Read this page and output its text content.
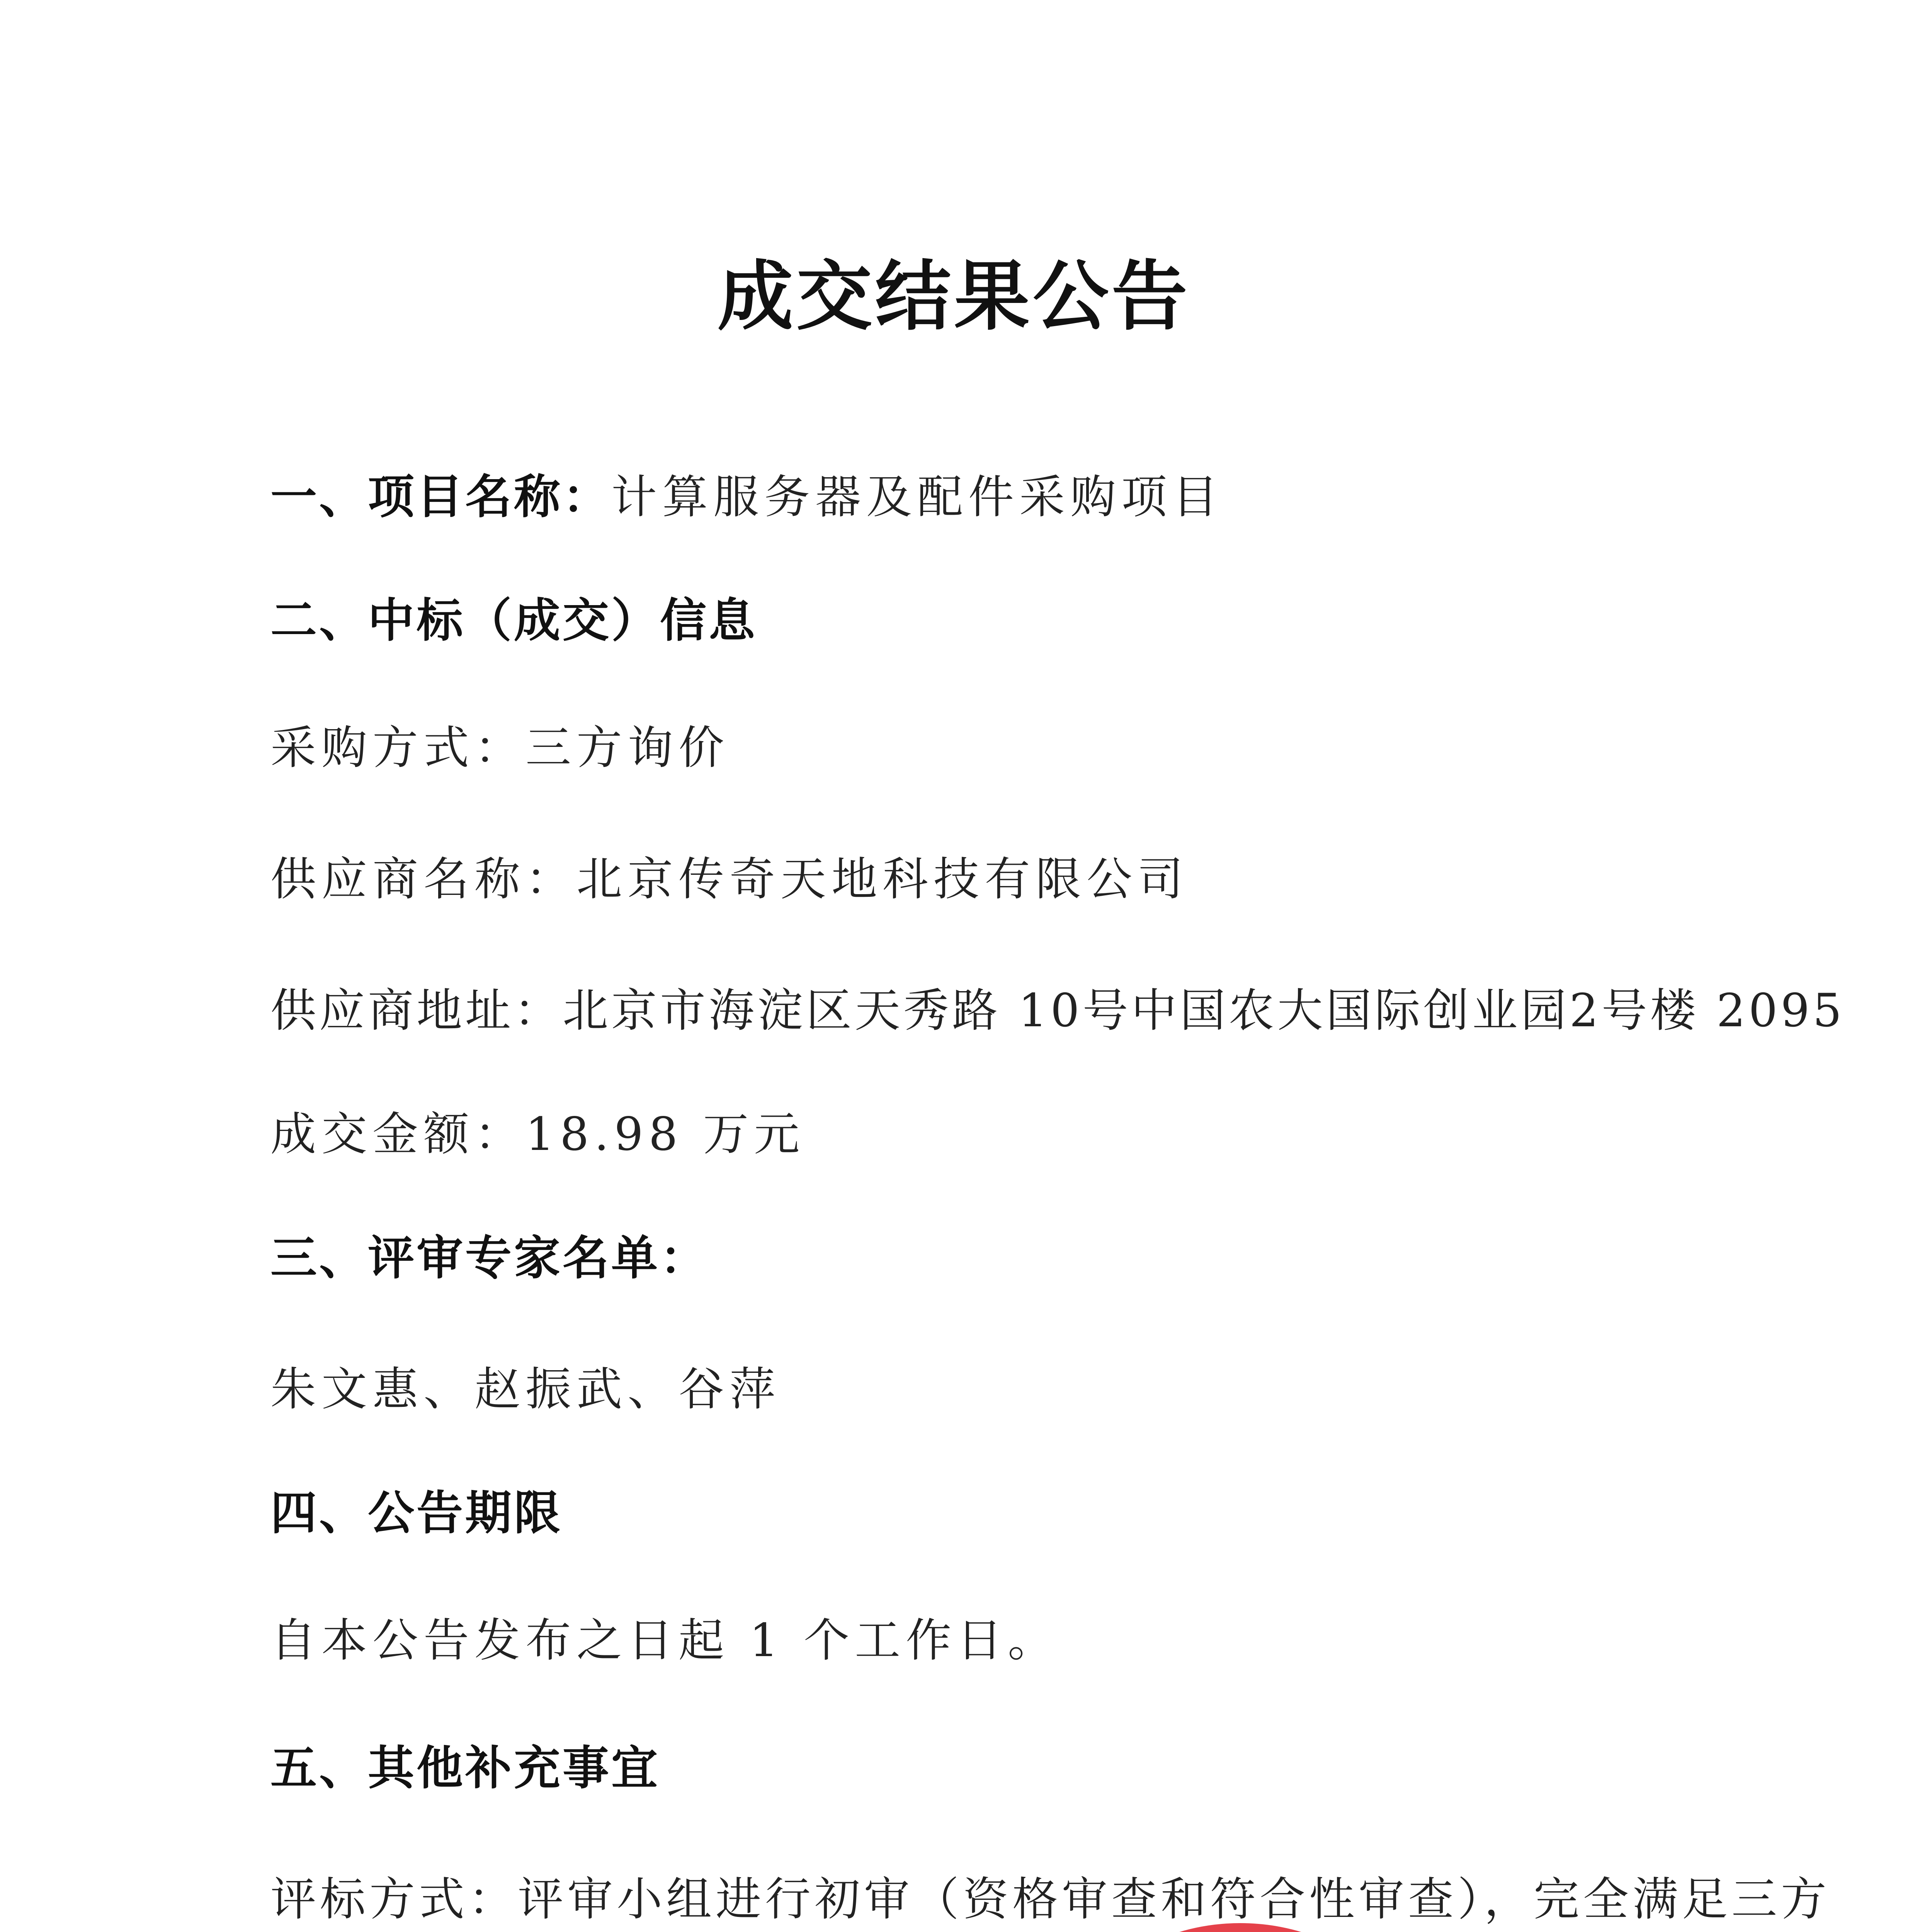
成交结果公告
一、项目名称：计算服务器及配件采购项目
二、中标（成交）信息
采购方式：三方询价
供应商名称：北京传奇天地科技有限公司
供应商地址：北京市海淀区天秀路 10号中国农大国际创业园2号楼 2095
成交金额：18.98 万元
三、评审专家名单：
朱文惠、赵振武、谷萍
四、公告期限
自本公告发布之日起 1 个工作日。
五、其他补充事宜
评标方式：评审小组进行初审（资格审查和符合性审查），完全满足三方
